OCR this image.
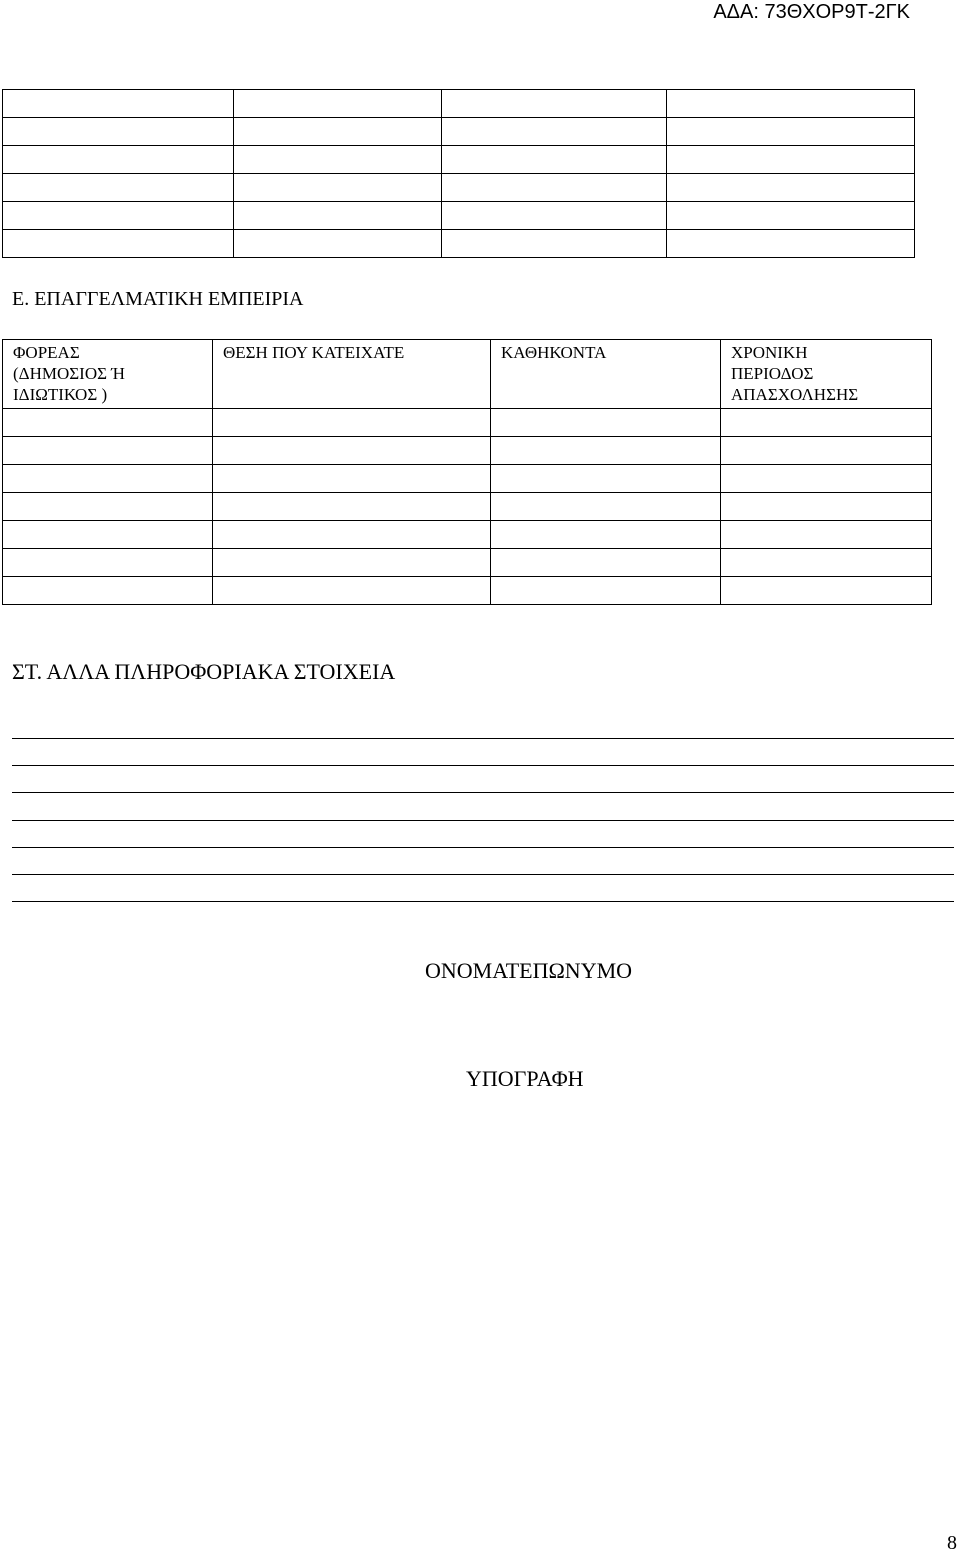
ΑΔΑ: 73ΘΧΟΡ9Τ-2ΓΚ

Ε. ΕΠΑΓΓΕΛΜΑΤΙΚΗ ΕΜΠΕΙΡΙΑ
ΦΟΡΕΑΣ
(ΔΗΜΟΣΙΟΣ Ή
ΙΔΙΩΤΙΚΟΣ )	ΘΕΣΗ ΠΟΥ ΚΑΤΕΙΧΑΤΕ	ΚΑΘΗΚΟΝΤΑ	ΧΡΟΝΙΚΗ
ΠΕΡΙΟΔΟΣ
ΑΠΑΣΧΟΛΗΣΗΣ

ΣΤ. ΑΛΛΑ ΠΛΗΡΟΦΟΡΙΑΚΑ ΣΤΟΙΧΕΙΑ
ΟΝΟΜΑΤΕΠΩΝΥΜΟ
ΥΠΟΓΡΑΦΗ
8
